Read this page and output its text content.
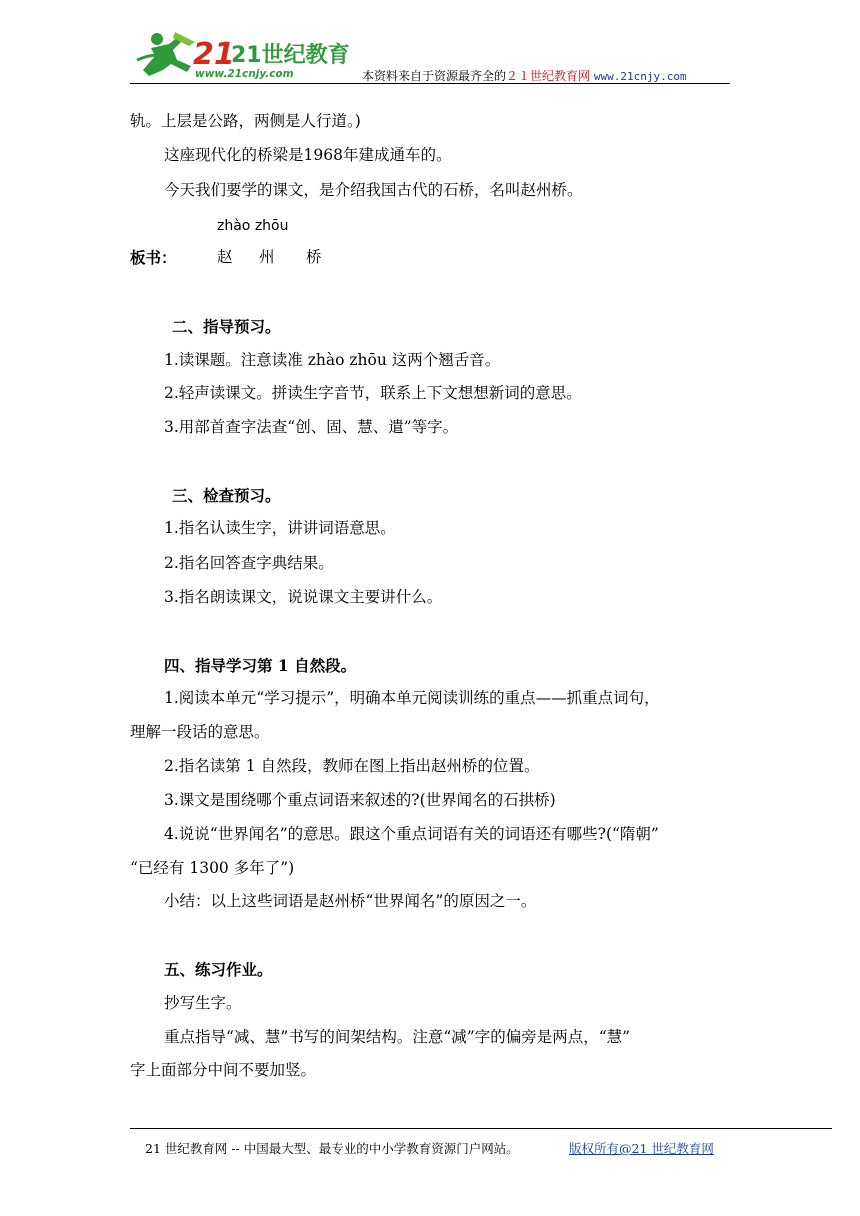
21
21世纪教育
www.21cnjy.com	本资料来自于资源最齐全的２１世纪教育网 www.21cnjy.com
轨。上层是公路，两侧是人行道。)
这座现代化的桥梁是1968年建成通车的。
今天我们要学的课文，是介绍我国古代的石桥，名叫赵州桥。
zhào zhōu
板书：	赵 州 桥
二、指导预习。
1.读课题。注意读准 zhào zhōu 这两个翘舌音。
2.轻声读课文。拼读生字音节，联系上下文想想新词的意思。
3.用部首查字法查“创、固、慧、遣”等字。
三、检查预习。
1.指名认读生字，讲讲词语意思。
2.指名回答查字典结果。
3.指名朗读课文，说说课文主要讲什么。
四、指导学习第 1 自然段。
1.阅读本单元“学习提示”，明确本单元阅读训练的重点——抓重点词句，
理解一段话的意思。
2.指名读第 1 自然段，教师在图上指出赵州桥的位置。
3.课文是围绕哪个重点词语来叙述的?(世界闻名的石拱桥)
4.说说“世界闻名”的意思。跟这个重点词语有关的词语还有哪些?(“隋朝”
“已经有 1300 多年了”)
小结：以上这些词语是赵州桥“世界闻名”的原因之一。
五、练习作业。
抄写生字。
重点指导“减、慧”书写的间架结构。注意“减”字的偏旁是两点，“慧”
字上面部分中间不要加竖。
21 世纪教育网 -- 中国最大型、最专业的中小学教育资源门户网站。	版权所有@21 世纪教育网
